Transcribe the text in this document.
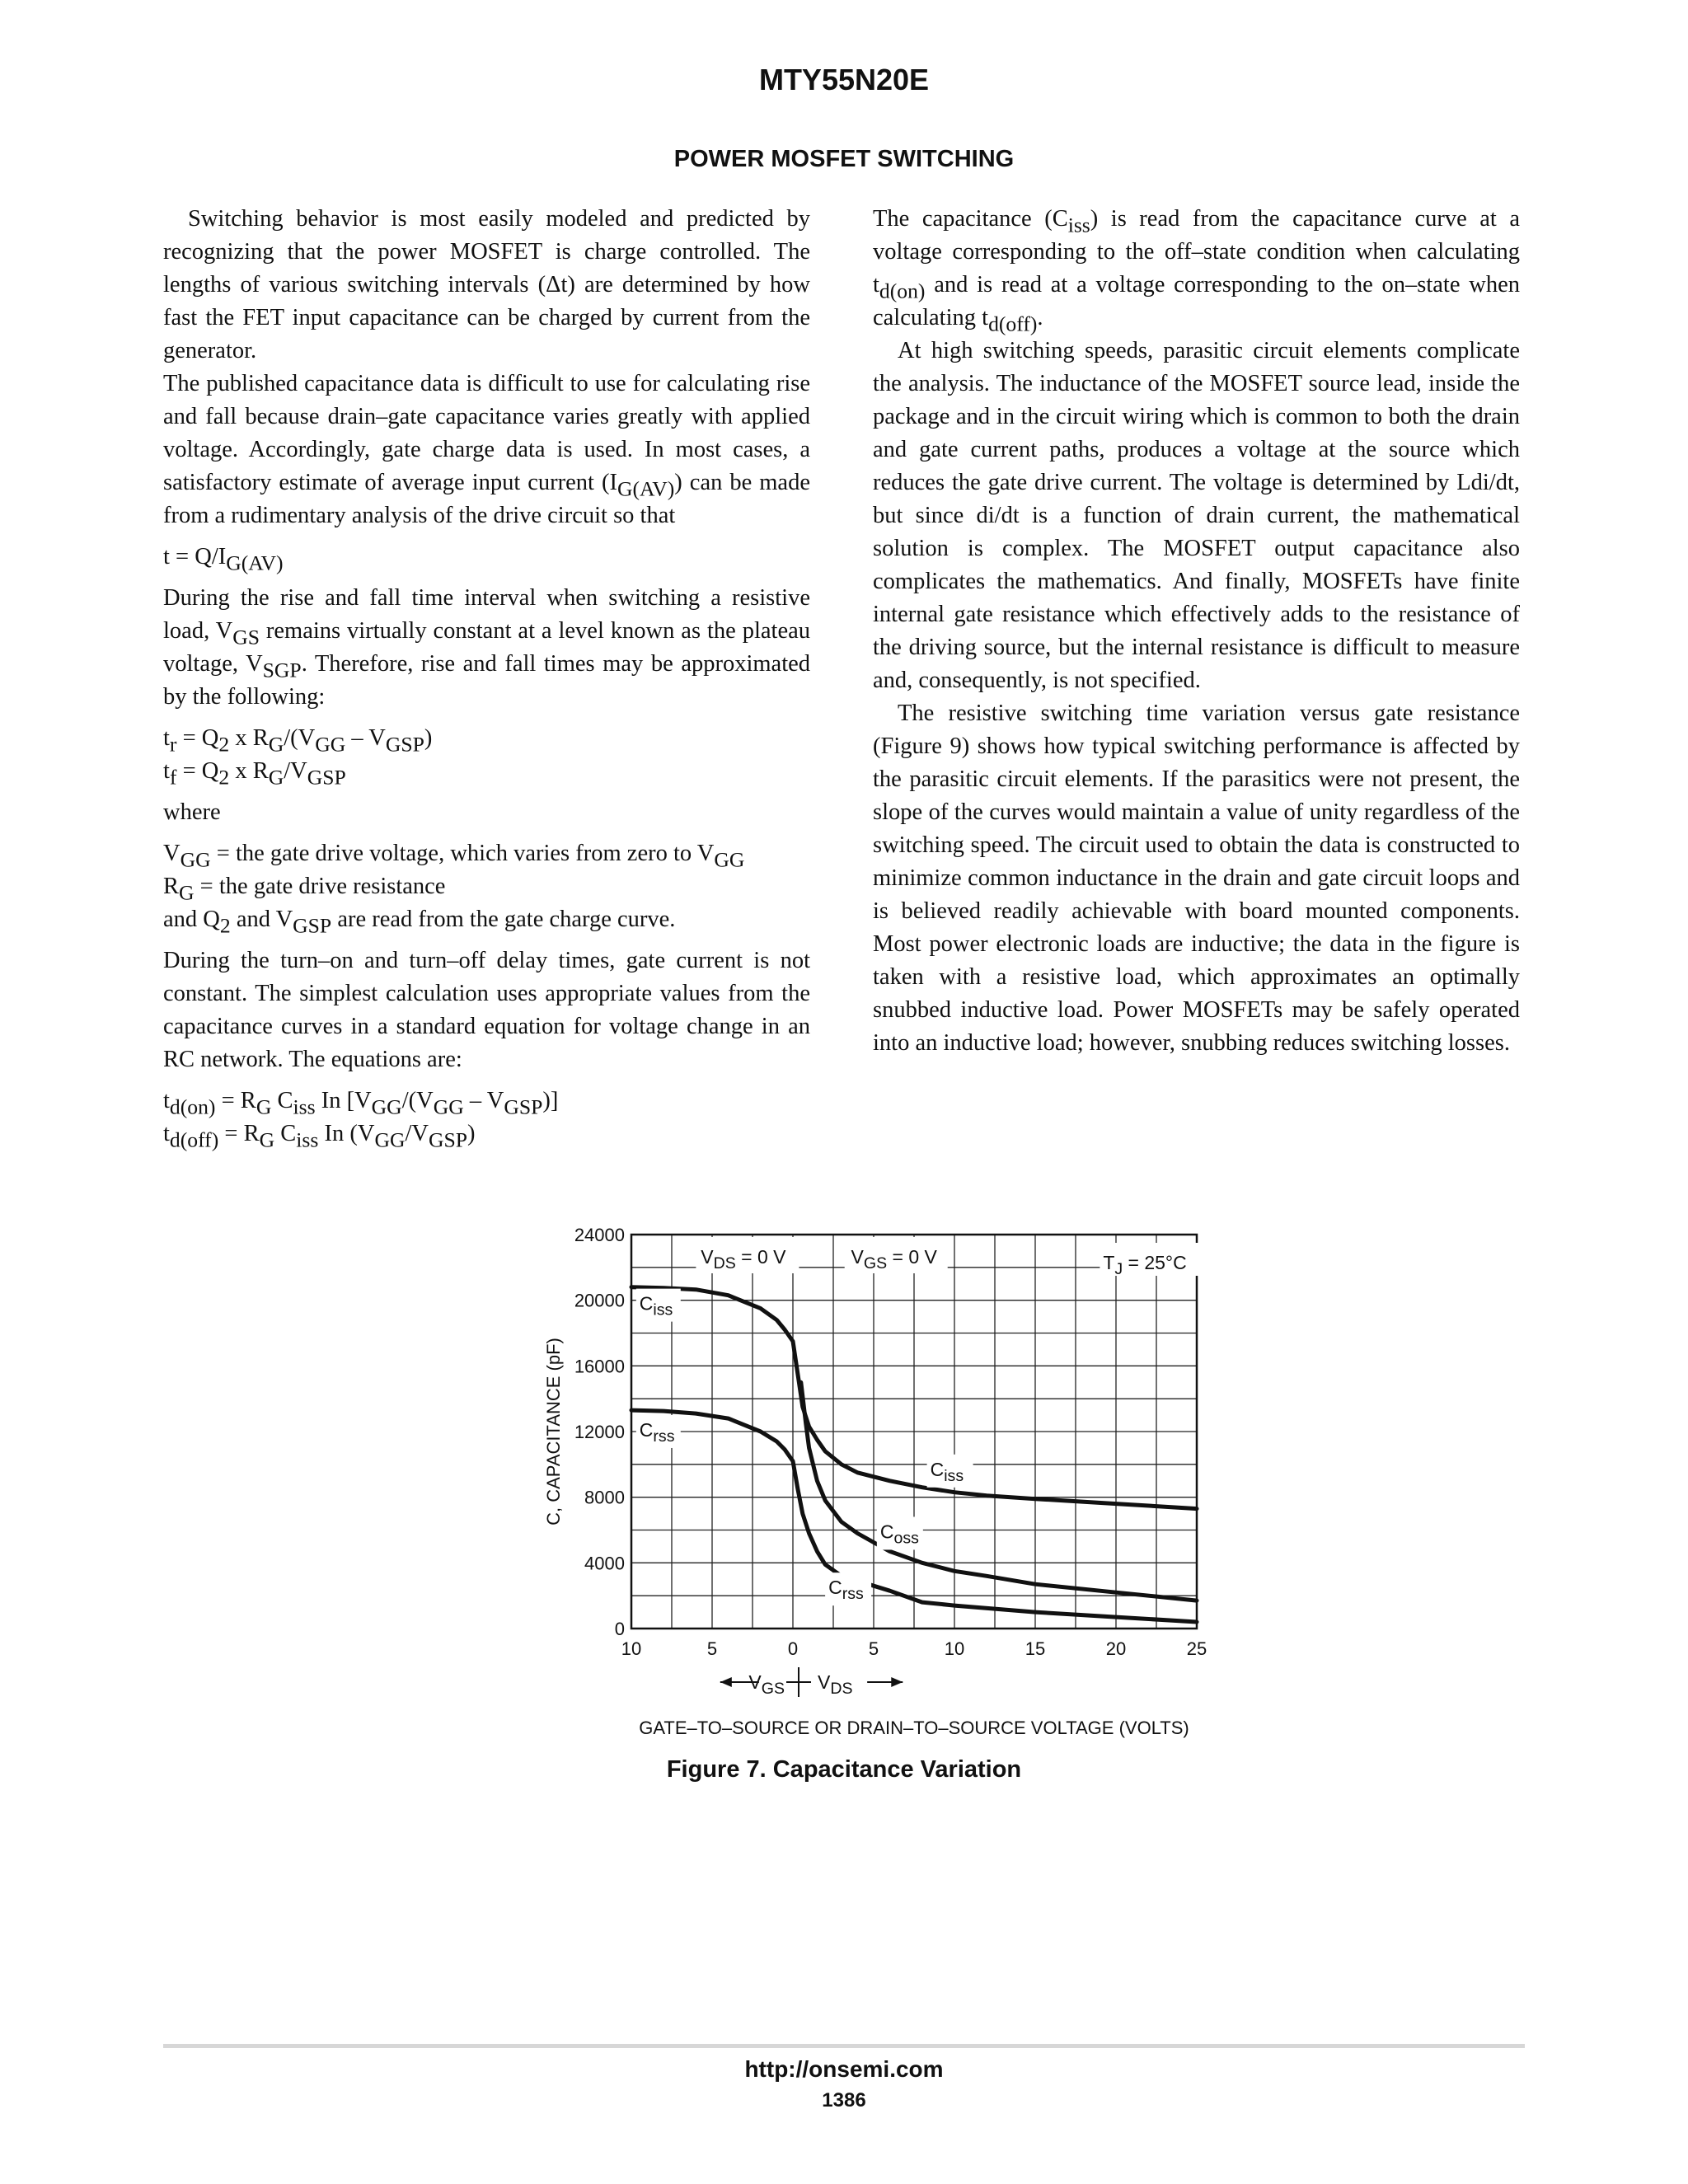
MTY55N20E
POWER MOSFET SWITCHING

Switching behavior is most easily modeled and predicted by recognizing that the power MOSFET is charge controlled. The lengths of various switching intervals (Δt) are determined by how fast the FET input capacitance can be charged by current from the generator.

The published capacitance data is difficult to use for calculating rise and fall because drain–gate capacitance varies greatly with applied voltage. Accordingly, gate charge data is used. In most cases, a satisfactory estimate of average input current (IG(AV)) can be made from a rudimentary analysis of the drive circuit so that

t = Q/IG(AV)

During the rise and fall time interval when switching a resistive load, VGS remains virtually constant at a level known as the plateau voltage, VSGP. Therefore, rise and fall times may be approximated by the following:

tr = Q2 x RG/(VGG – VGSP)

tf = Q2 x RG/VGSP

where

VGG = the gate drive voltage, which varies from zero to VGG

RG = the gate drive resistance

and Q2 and VGSP are read from the gate charge curve.

During the turn–on and turn–off delay times, gate current is not constant. The simplest calculation uses appropriate values from the capacitance curves in a standard equation for voltage change in an RC network. The equations are:

td(on) = RG Ciss In [VGG/(VGG – VGSP)]

td(off) = RG Ciss In (VGG/VGSP)

The capacitance (Ciss) is read from the capacitance curve at a voltage corresponding to the off–state condition when calculating td(on) and is read at a voltage corresponding to the on–state when calculating td(off).

At high switching speeds, parasitic circuit elements complicate the analysis. The inductance of the MOSFET source lead, inside the package and in the circuit wiring which is common to both the drain and gate current paths, produces a voltage at the source which reduces the gate drive current. The voltage is determined by Ldi/dt, but since di/dt is a function of drain current, the mathematical solution is complex. The MOSFET output capacitance also complicates the mathematics. And finally, MOSFETs have finite internal gate resistance which effectively adds to the resistance of the driving source, but the internal resistance is difficult to measure and, consequently, is not specified.

The resistive switching time variation versus gate resistance (Figure 9) shows how typical switching performance is affected by the parasitic circuit elements. If the parasitics were not present, the slope of the curves would maintain a value of unity regardless of the switching speed. The circuit used to obtain the data is constructed to minimize common inductance in the drain and gate circuit loops and is believed readily achievable with board mounted components. Most power electronic loads are inductive; the data in the figure is taken with a resistive load, which approximates an optimally snubbed inductive load. Power MOSFETs may be safely operated into an inductive load; however, snubbing reduces switching losses.

$V_{DS} = 0$ V	$V_{GS} = 0$ V	$T_J = 25^\circ C$
$C_{iss}$
$C_{rss}$
$C_{iss}$
$C_{oss}$
$C_{rss}$
0
4000
8000
12000
16000
20000
24000
10	5	0	5	10	15	20	25
C, CAPACITANCE (pF)
$V_{GS}$ $V_{DS}$
GATE–TO–SOURCE OR DRAIN–TO–SOURCE VOLTAGE (VOLTS)
Figure 7. Capacitance Variation
http://onsemi.com
1386
